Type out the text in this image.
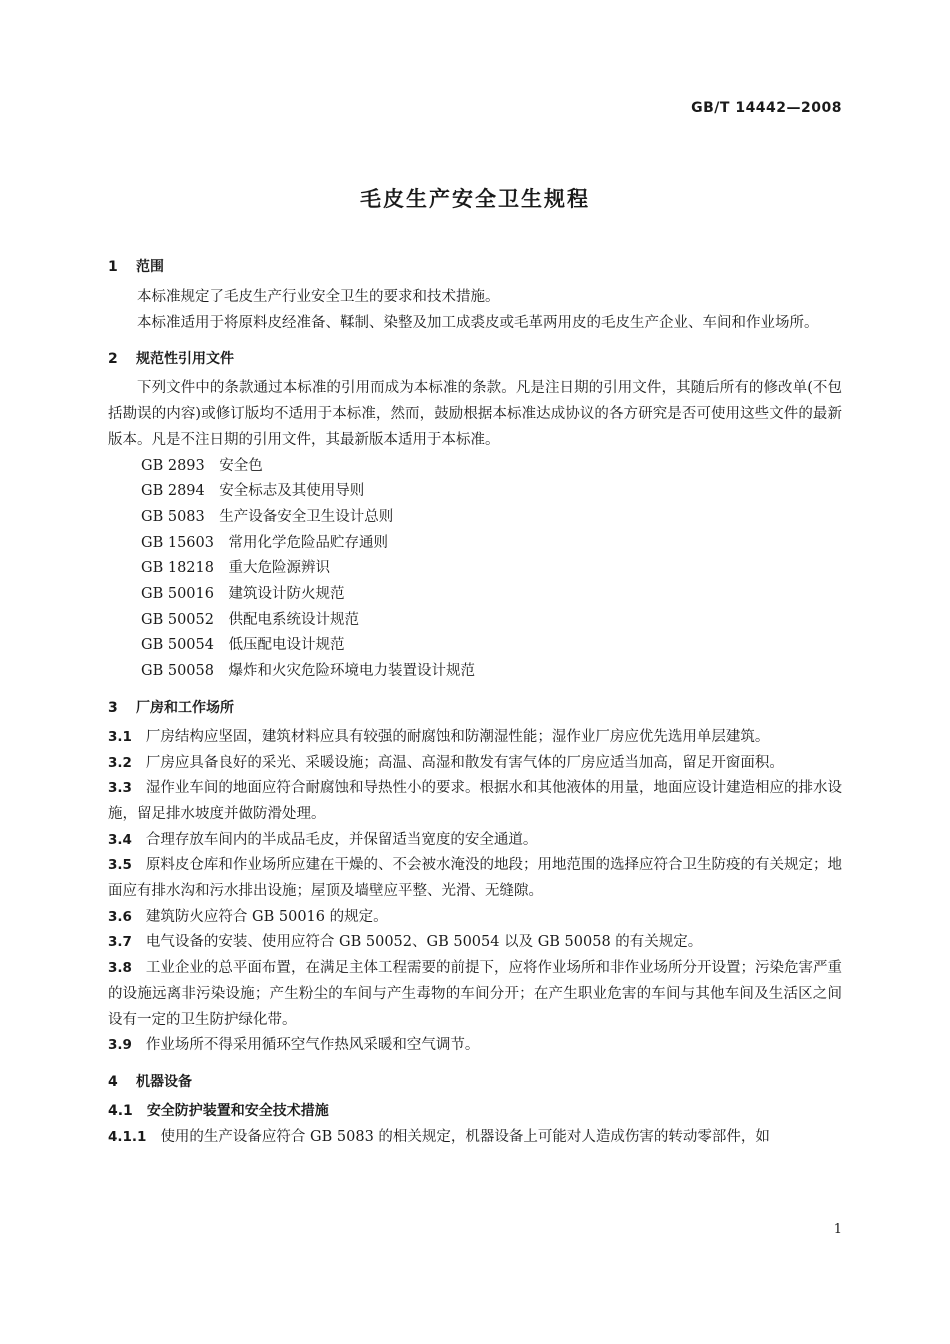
GB/T 14442—2008
毛皮生产安全卫生规程
1 范围

本标准规定了毛皮生产行业安全卫生的要求和技术措施。

本标准适用于将原料皮经准备、鞣制、染整及加工成裘皮或毛革两用皮的毛皮生产企业、车间和作业场所。

2 规范性引用文件

下列文件中的条款通过本标准的引用而成为本标准的条款。凡是注日期的引用文件，其随后所有的修改单(不包括勘误的内容)或修订版均不适用于本标准，然而，鼓励根据本标准达成协议的各方研究是否可使用这些文件的最新版本。凡是不注日期的引用文件，其最新版本适用于本标准。

GB 2893　 安全色
GB 2894　 安全标志及其使用导则
GB 5083　 生产设备安全卫生设计总则
GB 15603　 常用化学危险品贮存通则
GB 18218　 重大危险源辨识
GB 50016　 建筑设计防火规范
GB 50052　 供配电系统设计规范
GB 50054　 低压配电设计规范
GB 50058　 爆炸和火灾危险环境电力装置设计规范
3 厂房和工作场所

3.1 厂房结构应坚固，建筑材料应具有较强的耐腐蚀和防潮湿性能；湿作业厂房应优先选用单层建筑。

3.2 厂房应具备良好的采光、采暖设施；高温、高湿和散发有害气体的厂房应适当加高，留足开窗面积。

3.3 湿作业车间的地面应符合耐腐蚀和导热性小的要求。根据水和其他液体的用量，地面应设计建造相应的排水设施，留足排水坡度并做防滑处理。

3.4 合理存放车间内的半成品毛皮，并保留适当宽度的安全通道。

3.5 原料皮仓库和作业场所应建在干燥的、不会被水淹没的地段；用地范围的选择应符合卫生防疫的有关规定；地面应有排水沟和污水排出设施；屋顶及墙壁应平整、光滑、无缝隙。

3.6 建筑防火应符合 GB 50016 的规定。

3.7 电气设备的安装、使用应符合 GB 50052、GB 50054 以及 GB 50058 的有关规定。

3.8 工业企业的总平面布置，在满足主体工程需要的前提下，应将作业场所和非作业场所分开设置；污染危害严重的设施远离非污染设施；产生粉尘的车间与产生毒物的车间分开；在产生职业危害的车间与其他车间及生活区之间设有一定的卫生防护绿化带。

3.9 作业场所不得采用循环空气作热风采暖和空气调节。

4 机器设备
4.1 安全防护装置和安全技术措施

4.1.1 使用的生产设备应符合 GB 5083 的相关规定，机器设备上可能对人造成伤害的转动零部件，如

1
